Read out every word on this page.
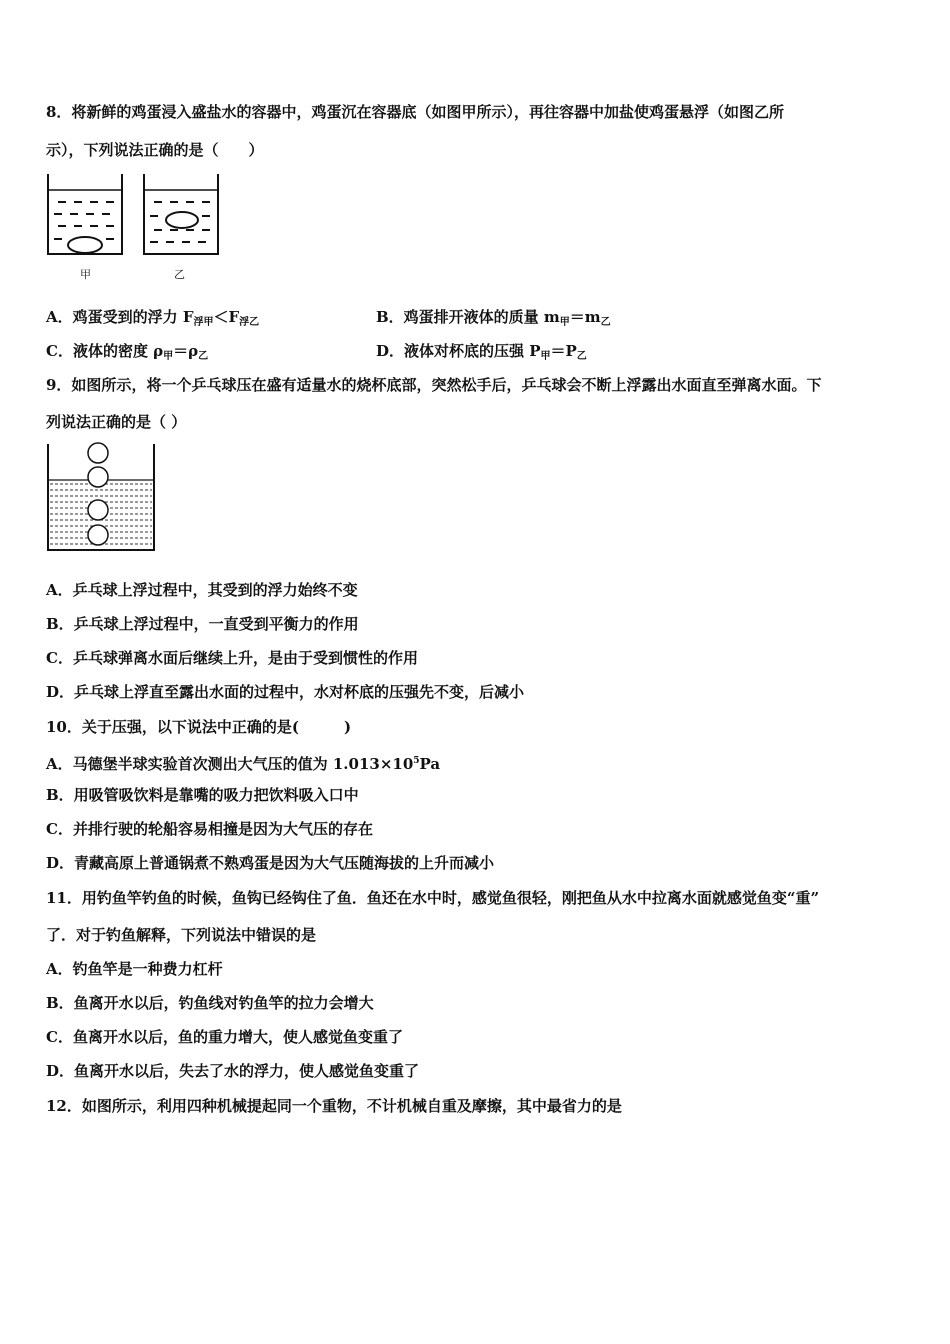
8．将新鲜的鸡蛋浸入盛盐水的容器中，鸡蛋沉在容器底（如图甲所示），再往容器中加盐使鸡蛋悬浮（如图乙所
示），下列说法正确的是（　　）
甲	乙
A．鸡蛋受到的浮力 $F_{浮甲}<F_{浮乙}$	B．鸡蛋排开液体的质量 $m_甲=m_乙$
C．液体的密度 $\rho_甲=\rho_乙$	D．液体对杯底的压强 $P_甲=P_乙$
9．如图所示，将一个乒乓球压在盛有适量水的烧杯底部，突然松手后，乒乓球会不断上浮露出水面直至弹离水面。下
列说法正确的是（ ）
A．乒乓球上浮过程中，其受到的浮力始终不变
B．乒乓球上浮过程中，一直受到平衡力的作用
C．乒乓球弹离水面后继续上升，是由于受到惯性的作用
D．乒乓球上浮直至露出水面的过程中，水对杯底的压强先不变，后减小
10．关于压强，以下说法中正确的是(　　　)
A．马德堡半球实验首次测出大气压的值为 $1.013\times 10^5Pa$
B．用吸管吸饮料是靠嘴的吸力把饮料吸入口中
C．并排行驶的轮船容易相撞是因为大气压的存在
D．青藏高原上普通锅煮不熟鸡蛋是因为大气压随海拔的上升而减小
11．用钓鱼竿钓鱼的时候，鱼钩已经钩住了鱼．鱼还在水中时，感觉鱼很轻，刚把鱼从水中拉离水面就感觉鱼变“重”
了．对于钓鱼解释，下列说法中错误的是
A．钓鱼竿是一种费力杠杆
B．鱼离开水以后，钓鱼线对钓鱼竿的拉力会增大
C．鱼离开水以后，鱼的重力增大，使人感觉鱼变重了
D．鱼离开水以后，失去了水的浮力，使人感觉鱼变重了
12．如图所示，利用四种机械提起同一个重物，不计机械自重及摩擦，其中最省力的是
